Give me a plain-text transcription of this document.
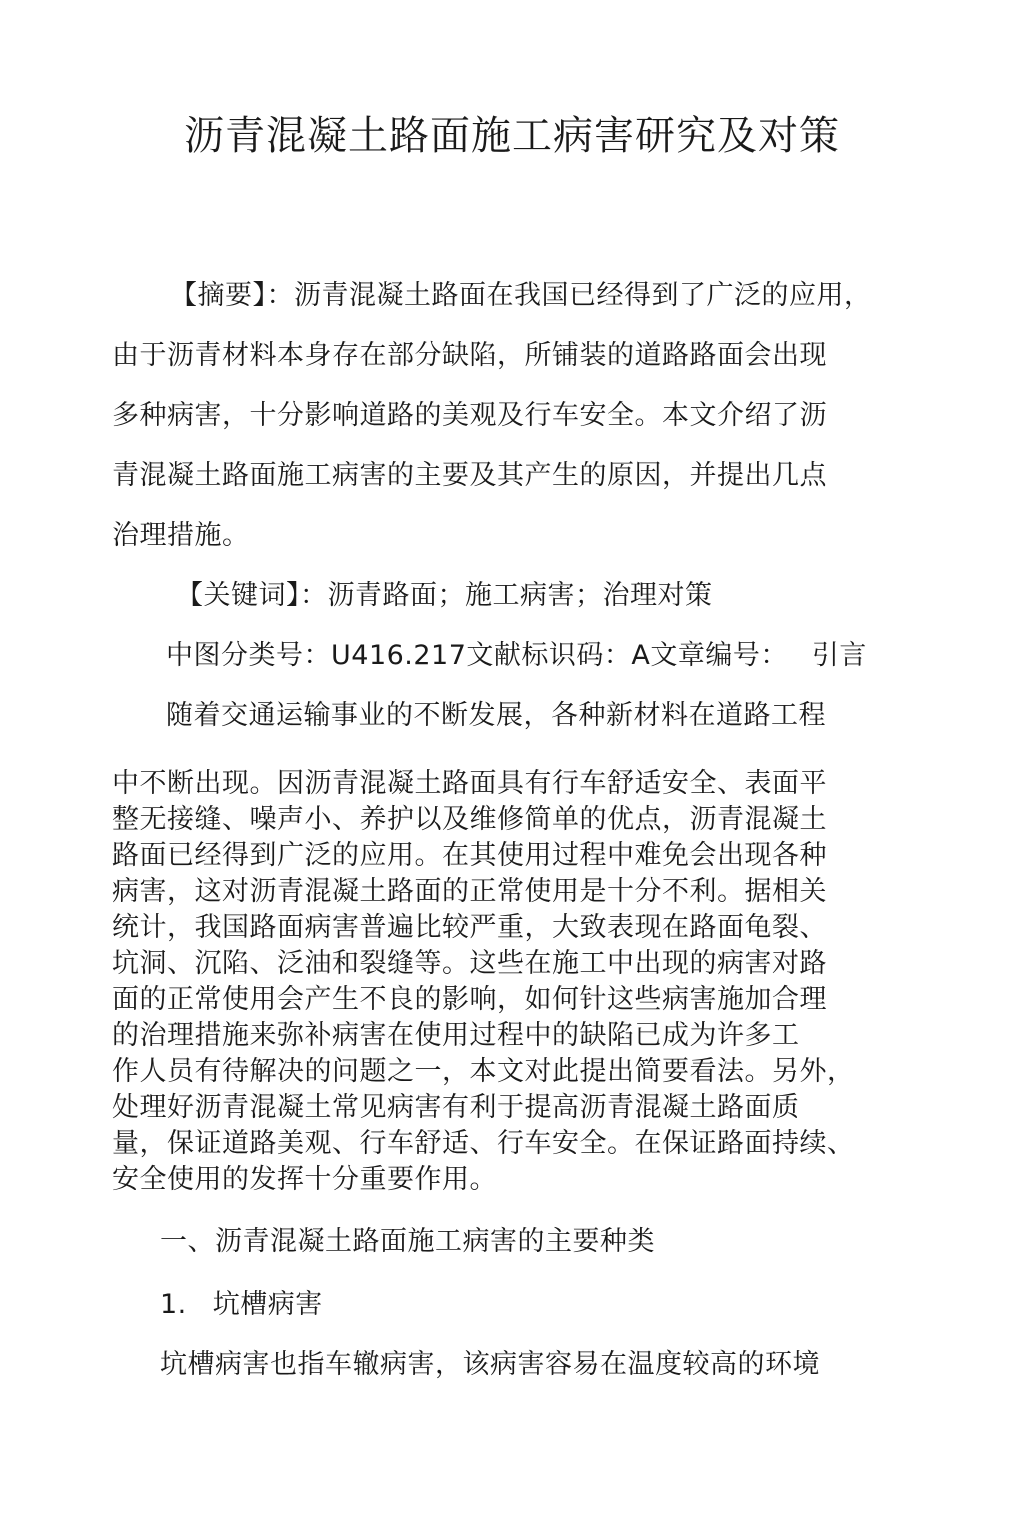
沥青混凝土路面施工病害研究及对策
【摘要】：沥青混凝土路面在我国已经得到了广泛的应用，
由于沥青材料本身存在部分缺陷，所铺装的道路路面会出现
多种病害，十分影响道路的美观及行车安全。本文介绍了沥
青混凝土路面施工病害的主要及其产生的原因，并提出几点
治理措施。
【关键词】：沥青路面；施工病害；治理对策
中图分类号：U416.217文献标识码：A文章编号： 引言
随着交通运输事业的不断发展，各种新材料在道路工程
中不断出现。因沥青混凝土路面具有行车舒适安全、表面平
整无接缝、噪声小、养护以及维修简单的优点，沥青混凝土
路面已经得到广泛的应用。在其使用过程中难免会出现各种
病害，这对沥青混凝土路面的正常使用是十分不利。据相关
统计，我国路面病害普遍比较严重，大致表现在路面龟裂、
坑洞、沉陷、泛油和裂缝等。这些在施工中出现的病害对路
面的正常使用会产生不良的影响，如何针这些病害施加合理
的治理措施来弥补病害在使用过程中的缺陷已成为许多工
作人员有待解决的问题之一，本文对此提出简要看法。另外，
处理好沥青混凝土常见病害有利于提高沥青混凝土路面质
量，保证道路美观、行车舒适、行车安全。在保证路面持续、
安全使用的发挥十分重要作用。
一、沥青混凝土路面施工病害的主要种类
1. 坑槽病害
坑槽病害也指车辙病害，该病害容易在温度较高的环境
